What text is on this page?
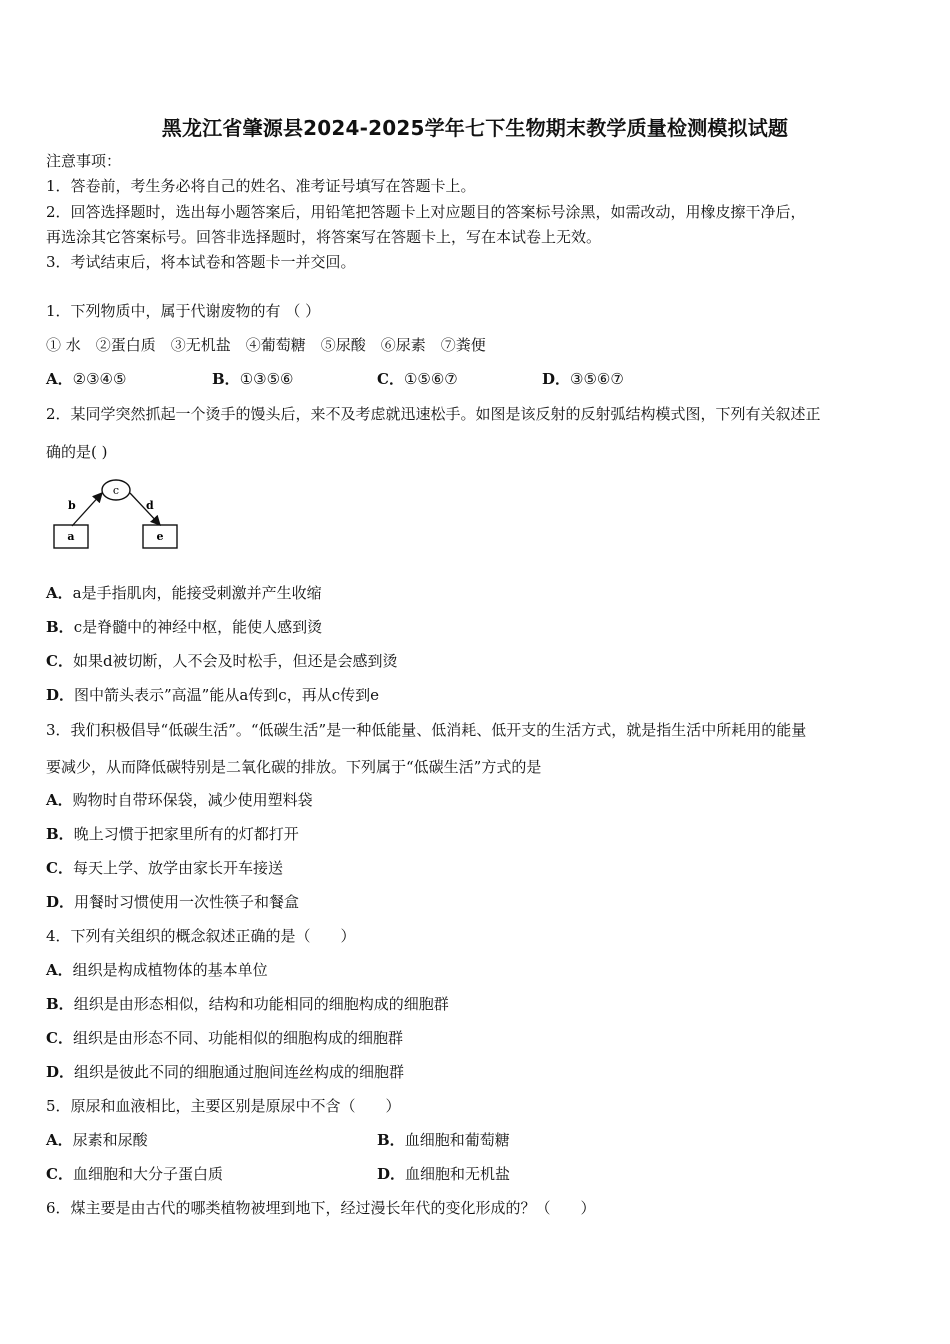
黑龙江省肇源县2024-2025学年七下生物期末教学质量检测模拟试题
注意事项：
1．答卷前，考生务必将自己的姓名、准考证号填写在答题卡上。
2．回答选择题时，选出每小题答案后，用铅笔把答题卡上对应题目的答案标号涂黑，如需改动，用橡皮擦干净后，
再选涂其它答案标号。回答非选择题时，将答案写在答题卡上，写在本试卷上无效。
3．考试结束后，将本试卷和答题卡一并交回。
1．下列物质中，属于代谢废物的有 （ ）
① 水　②蛋白质　③无机盐　④葡萄糖　⑤尿酸　⑥尿素　⑦粪便
A．②③④⑤	B．①③⑤⑥	C．①⑤⑥⑦	D．③⑤⑥⑦
2．某同学突然抓起一个烫手的馒头后，来不及考虑就迅速松手。如图是该反射的反射弧结构模式图，下列有关叙述正
确的是( )
c
b	d
a	e
A．a是手指肌肉，能接受刺激并产生收缩
B．c是脊髓中的神经中枢，能使人感到烫
C．如果d被切断，人不会及时松手，但还是会感到烫
D．图中箭头表示”高温”能从a传到c，再从c传到e
3．我们积极倡导“低碳生活”。“低碳生活”是一种低能量、低消耗、低开支的生活方式，就是指生活中所耗用的能量
要减少，从而降低碳特别是二氧化碳的排放。下列属于“低碳生活”方式的是
A．购物时自带环保袋，减少使用塑料袋
B．晚上习惯于把家里所有的灯都打开
C．每天上学、放学由家长开车接送
D．用餐时习惯使用一次性筷子和餐盒
4．下列有关组织的概念叙述正确的是（　　）
A．组织是构成植物体的基本单位
B．组织是由形态相似，结构和功能相同的细胞构成的细胞群
C．组织是由形态不同、功能相似的细胞构成的细胞群
D．组织是彼此不同的细胞通过胞间连丝构成的细胞群
5．原尿和血液相比，主要区别是原尿中不含（　　）
A．尿素和尿酸	B．血细胞和葡萄糖
C．血细胞和大分子蛋白质	D．血细胞和无机盐
6．煤主要是由古代的哪类植物被埋到地下，经过漫长年代的变化形成的？（　　）
